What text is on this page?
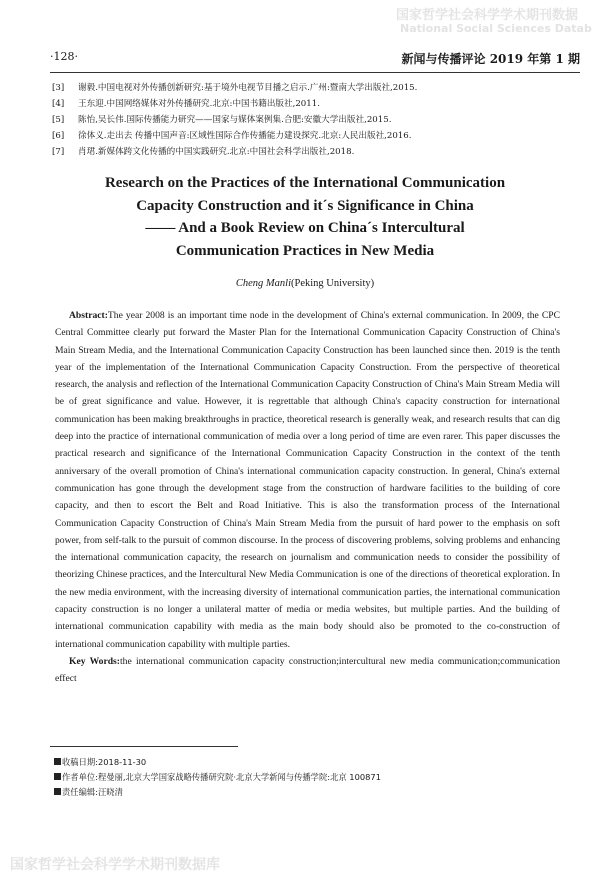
国家哲学社会科学学术期刊数据
National Social Sciences Datab
·128·	新闻与传播评论 2019 年第 1 期
[3] 谢毅.中国电视对外传播创新研究:基于境外电视节目播之启示.广州:暨南大学出版社,2015.
[4] 王东迎.中国网络媒体对外传播研究.北京:中国书籍出版社,2011.
[5] 陈怡,吴长伟.国际传播能力研究——国家与媒体案例集.合肥:安徽大学出版社,2015.
[6] 徐体义.走出去 传播中国声音:区域性国际合作传播能力建设探究.北京:人民出版社,2016.
[7] 肖珺.新媒体跨文化传播的中国实践研究.北京:中国社会科学出版社,2018.
Research on the Practices of the International Communication
Capacity Construction and it´s Significance in China
—— And a Book Review on China´s Intercultural
Communication Practices in New Media
Cheng Manli(Peking University)

Abstract:The year 2008 is an important time node in the development of China's external communication. In 2009, the CPC Central Committee clearly put forward the Master Plan for the International Communication Capacity Construction of China's Main Stream Media, and the International Communication Capacity Construction has been launched since then. 2019 is the tenth year of the implementation of the International Communication Capacity Construction. From the perspective of theoretical research, the analysis and reflection of the International Communication Capacity Construction of China's Main Stream Media will be of great significance and value. However, it is regrettable that although China's capacity construction for international communication has been making breakthroughs in practice, theoretical research is generally weak, and research results that can dig deep into the practice of international communication of media over a long period of time are even rarer. This paper discusses the practical research and significance of the International Communication Capacity Construction in the context of the tenth anniversary of the overall promotion of China's international communication capacity construction. In general, China's external communication has gone through the development stage from the construction of hardware facilities to the building of core capacity, and then to escort the Belt and Road Initiative. This is also the transformation process of the International Communication Capacity Construction of China's Main Stream Media from the pursuit of hard power to the emphasis on soft power, from self-talk to the pursuit of common discourse. In the process of discovering problems, solving problems and enhancing the international communication capacity, the research on journalism and communication needs to consider the possibility of theorizing Chinese practices, and the Intercultural New Media Communication is one of the directions of theoretical exploration. In the new media environment, with the increasing diversity of international communication parties, the international communication capacity construction is no longer a unilateral matter of media or media websites, but multiple parties. And the building of international communication capability with media as the main body should also be promoted to the co-construction of international communication capability with multiple parties.

Key Words:the international communication capacity construction;intercultural new media communication;communication effect

收稿日期:2018-11-30
作者单位:程曼丽,北京大学国家战略传播研究院·北京大学新闻与传播学院:北京 100871
责任编辑:汪晓清
国家哲学社会科学学术期刊数据库
